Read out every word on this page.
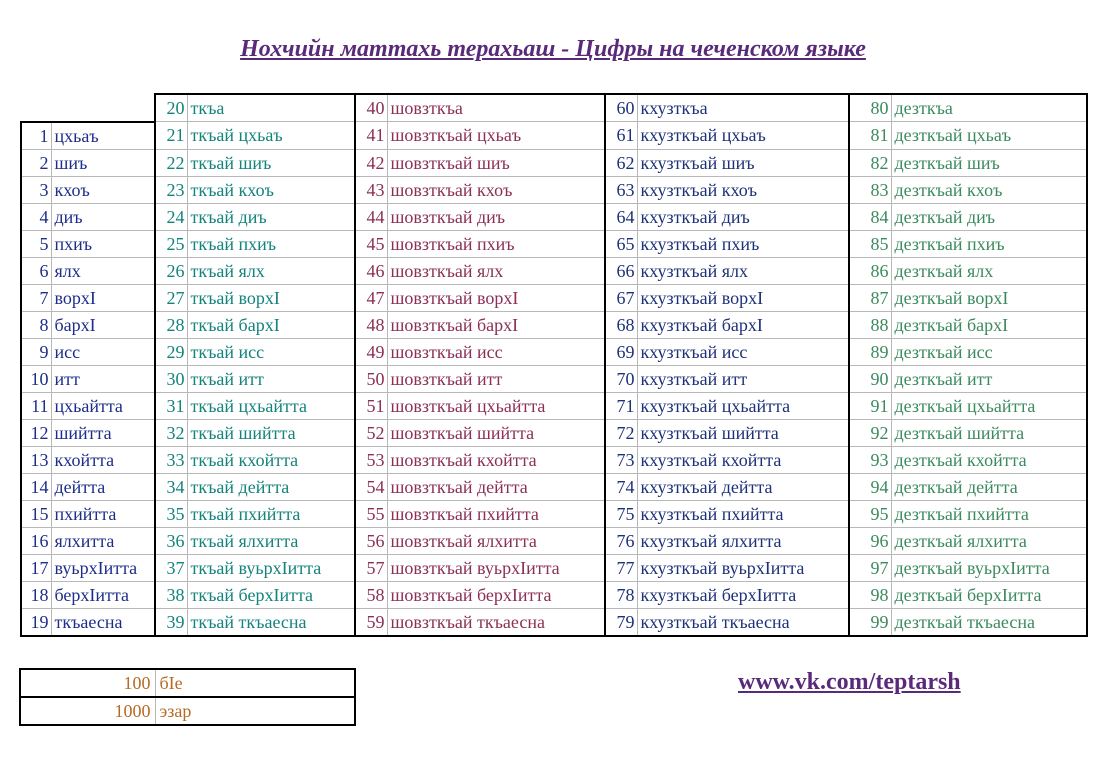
Нохчийн маттахь терахьаш - Цифры на чеченском языке
		20	ткъа	40	шовзткъа	60	кхузткъа	80	дезткъа
1	цхьаъ	21	ткъай цхьаъ	41	шовзткъай цхьаъ	61	кхузткъай цхьаъ	81	дезткъай цхьаъ
2	шиъ	22	ткъай шиъ	42	шовзткъай шиъ	62	кхузткъай шиъ	82	дезткъай шиъ
3	кхоъ	23	ткъай кхоъ	43	шовзткъай кхоъ	63	кхузткъай кхоъ	83	дезткъай кхоъ
4	диъ	24	ткъай диъ	44	шовзткъай диъ	64	кхузткъай диъ	84	дезткъай диъ
5	пхиъ	25	ткъай пхиъ	45	шовзткъай пхиъ	65	кхузткъай пхиъ	85	дезткъай пхиъ
6	ялх	26	ткъай ялх	46	шовзткъай ялх	66	кхузткъай ялх	86	дезткъай ялх
7	ворхI	27	ткъай ворхI	47	шовзткъай ворхI	67	кхузткъай ворхI	87	дезткъай ворхI
8	бархI	28	ткъай бархI	48	шовзткъай бархI	68	кхузткъай бархI	88	дезткъай бархI
9	исс	29	ткъай исс	49	шовзткъай исс	69	кхузткъай исс	89	дезткъай исс
10	итт	30	ткъай итт	50	шовзткъай итт	70	кхузткъай итт	90	дезткъай итт
11	цхьайтта	31	ткъай цхьайтта	51	шовзткъай цхьайтта	71	кхузткъай цхьайтта	91	дезткъай цхьайтта
12	шийтта	32	ткъай шийтта	52	шовзткъай шийтта	72	кхузткъай шийтта	92	дезткъай шийтта
13	кхойтта	33	ткъай кхойтта	53	шовзткъай кхойтта	73	кхузткъай кхойтта	93	дезткъай кхойтта
14	дейтта	34	ткъай дейтта	54	шовзткъай дейтта	74	кхузткъай дейтта	94	дезткъай дейтта
15	пхийтта	35	ткъай пхийтта	55	шовзткъай пхийтта	75	кхузткъай пхийтта	95	дезткъай пхийтта
16	ялхитта	36	ткъай ялхитта	56	шовзткъай ялхитта	76	кхузткъай ялхитта	96	дезткъай ялхитта
17	вуьрхIитта	37	ткъай вуьрхIитта	57	шовзткъай вуьрхIитта	77	кхузткъай вуьрхIитта	97	дезткъай вуьрхIитта
18	берхIитта	38	ткъай берхIитта	58	шовзткъай берхIитта	78	кхузткъай берхIитта	98	дезткъай берхIитта
19	ткъаесна	39	ткъай ткъаесна	59	шовзткъай ткъаесна	79	кхузткъай ткъаесна	99	дезткъай ткъаесна
100	бIе
1000	эзар
www.vk.com/teptarsh
